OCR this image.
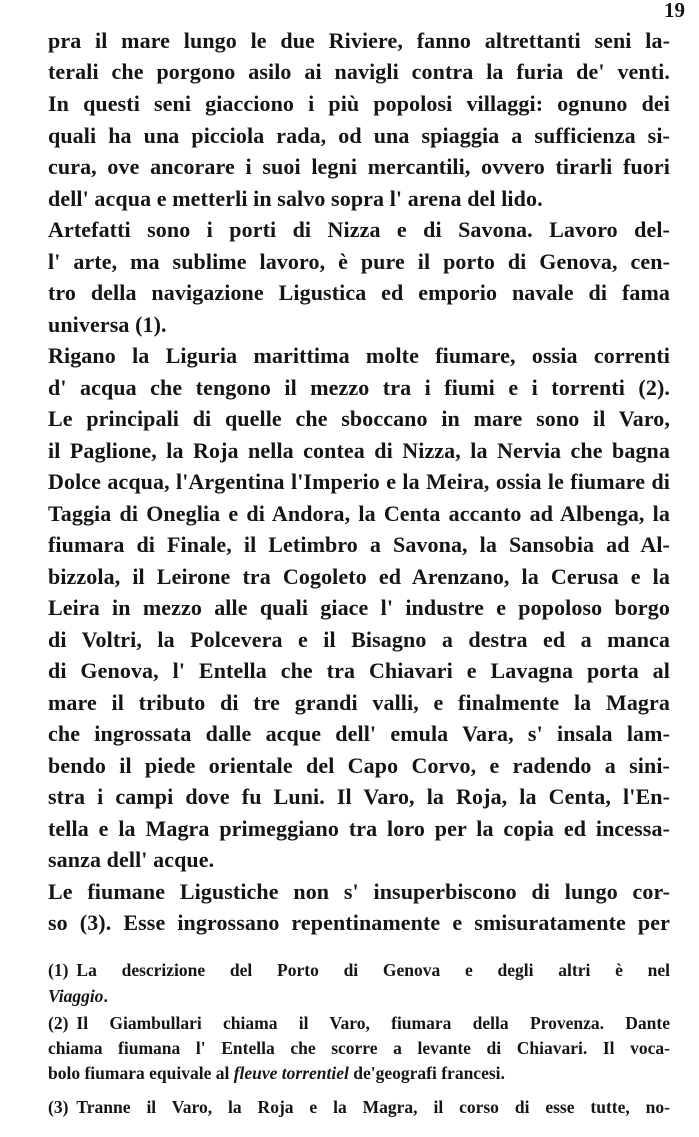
19

pra il mare lungo le due Riviere, fanno altrettanti seni la-

terali che porgono asilo ai navigli contra la furia de' venti.

In questi seni giacciono i più popolosi villaggi: ognuno dei

quali ha una picciola rada, od una spiaggia a sufficienza si-

cura, ove ancorare i suoi legni mercantili, ovvero tirarli fuori

dell' acqua e metterli in salvo sopra l' arena del lido.

Artefatti sono i porti di Nizza e di Savona. Lavoro del-

l' arte, ma sublime lavoro, è pure il porto di Genova, cen-

tro della navigazione Ligustica ed emporio navale di fama

universa (1).

Rigano la Liguria marittima molte fiumare, ossia correnti

d' acqua che tengono il mezzo tra i fiumi e i torrenti (2).

Le principali di quelle che sboccano in mare sono il Varo,

il Paglione, la Roja nella contea di Nizza, la Nervia che bagna

Dolce acqua, l'Argentina l'Imperio e la Meira, ossia le fiumare di

Taggia di Oneglia e di Andora, la Centa accanto ad Albenga, la

fiumara di Finale, il Letimbro a Savona, la Sansobia ad Al-

bizzola, il Leirone tra Cogoleto ed Arenzano, la Cerusa e la

Leira in mezzo alle quali giace l' industre e popoloso borgo

di Voltri, la Polcevera e il Bisagno a destra ed a manca

di Genova, l' Entella che tra Chiavari e Lavagna porta al

mare il tributo di tre grandi valli, e finalmente la Magra

che ingrossata dalle acque dell' emula Vara, s' insala lam-

bendo il piede orientale del Capo Corvo, e radendo a sini-

stra i campi dove fu Luni. Il Varo, la Roja, la Centa, l'En-

tella e la Magra primeggiano tra loro per la copia ed incessa-

sanza dell' acque.

Le fiumane Ligustiche non s' insuperbiscono di lungo cor-

so (3). Esse ingrossano repentinamente e smisuratamente per

(1) La descrizione del Porto di Genova e degli altri è nel

Viaggio.

(2) Il Giambullari chiama il Varo, fiumara della Provenza. Dante

chiama fiumana l' Entella che scorre a levante di Chiavari. Il voca-

bolo fiumara equivale al fleuve torrentiel de'geografi francesi.

(3) Tranne il Varo, la Roja e la Magra, il corso di esse tutte, no-
